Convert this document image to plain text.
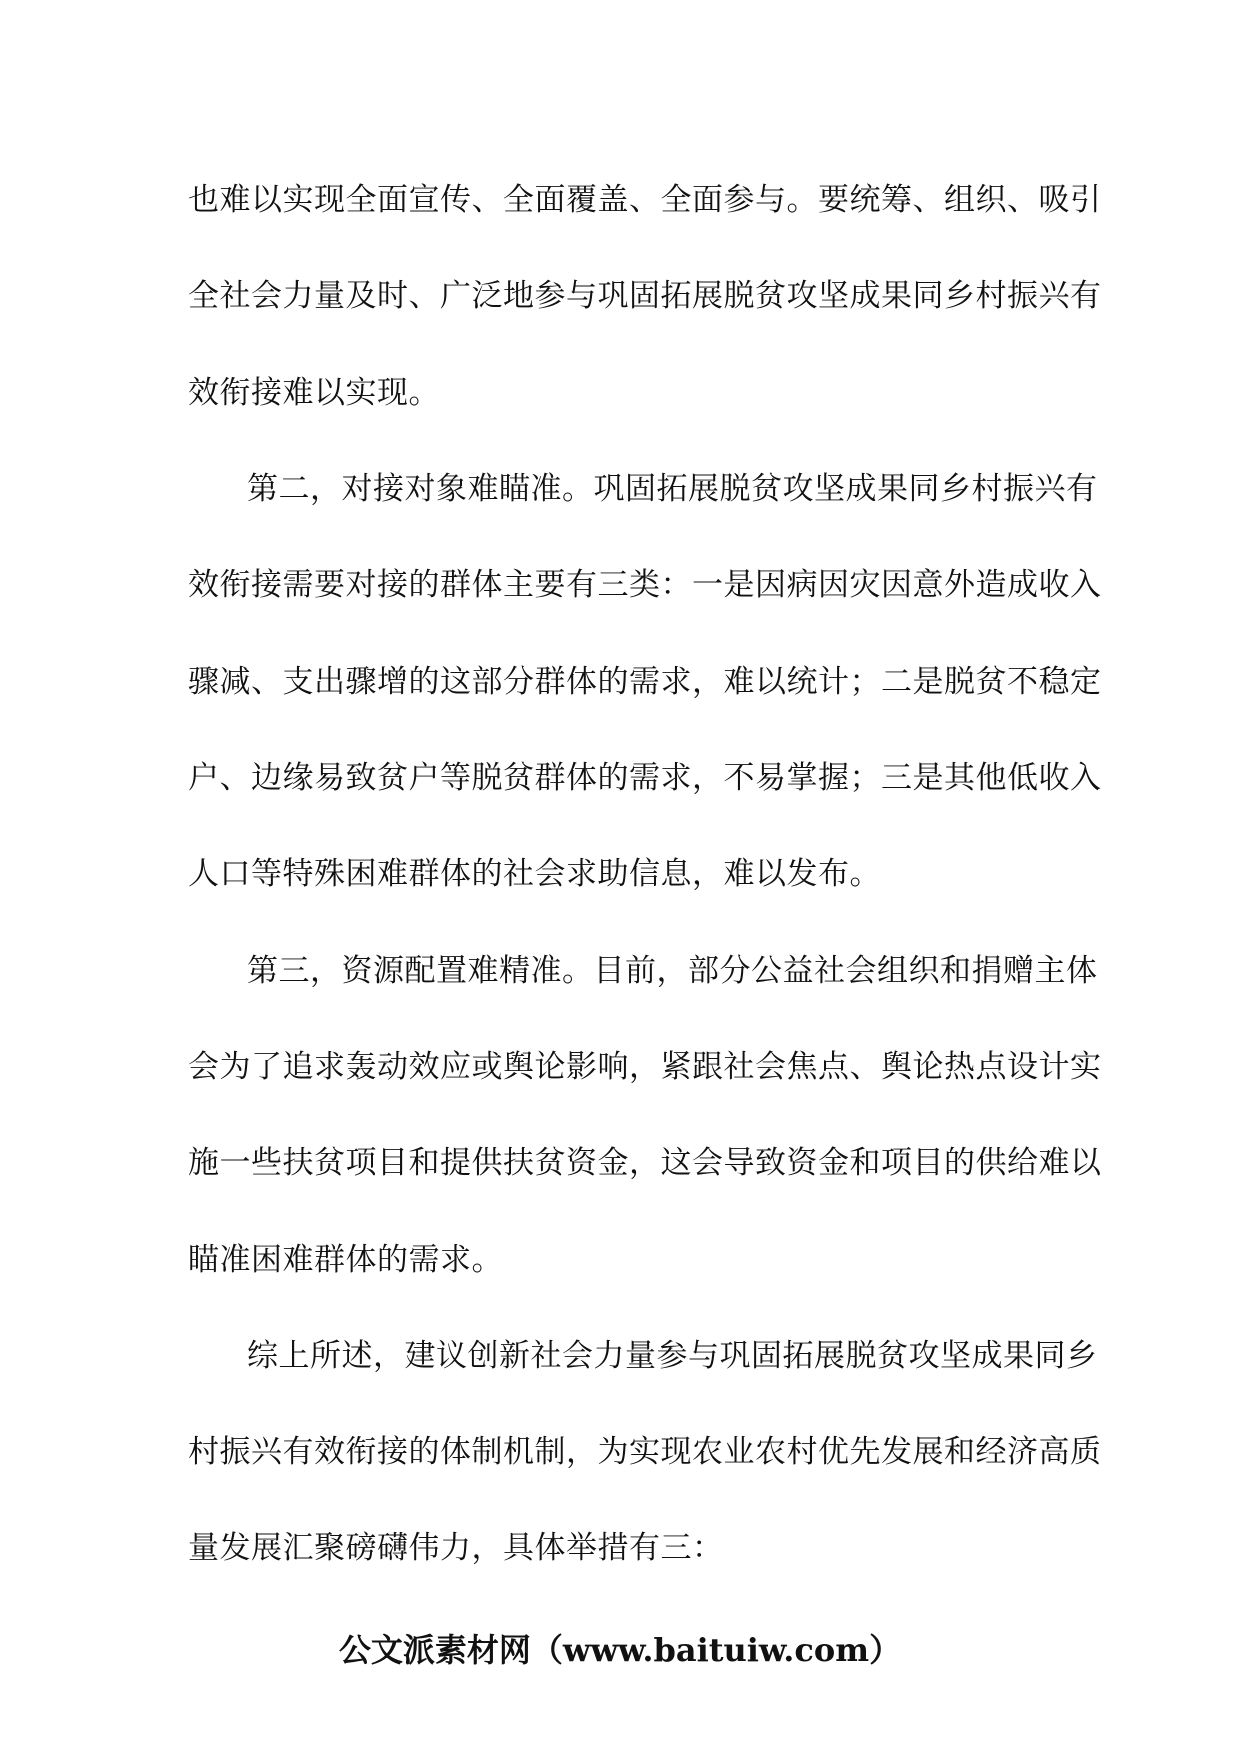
也难以实现全面宣传、全面覆盖、全面参与。要统筹、组织、吸引
全社会力量及时、广泛地参与巩固拓展脱贫攻坚成果同乡村振兴有
效衔接难以实现。
第二，对接对象难瞄准。巩固拓展脱贫攻坚成果同乡村振兴有
效衔接需要对接的群体主要有三类：一是因病因灾因意外造成收入
骤减、支出骤增的这部分群体的需求，难以统计；二是脱贫不稳定
户、边缘易致贫户等脱贫群体的需求，不易掌握；三是其他低收入
人口等特殊困难群体的社会求助信息，难以发布。
第三，资源配置难精准。目前，部分公益社会组织和捐赠主体
会为了追求轰动效应或舆论影响，紧跟社会焦点、舆论热点设计实
施一些扶贫项目和提供扶贫资金，这会导致资金和项目的供给难以
瞄准困难群体的需求。
综上所述，建议创新社会力量参与巩固拓展脱贫攻坚成果同乡
村振兴有效衔接的体制机制，为实现农业农村优先发展和经济高质
量发展汇聚磅礴伟力，具体举措有三：
公文派素材网（www.baituiw.com）
